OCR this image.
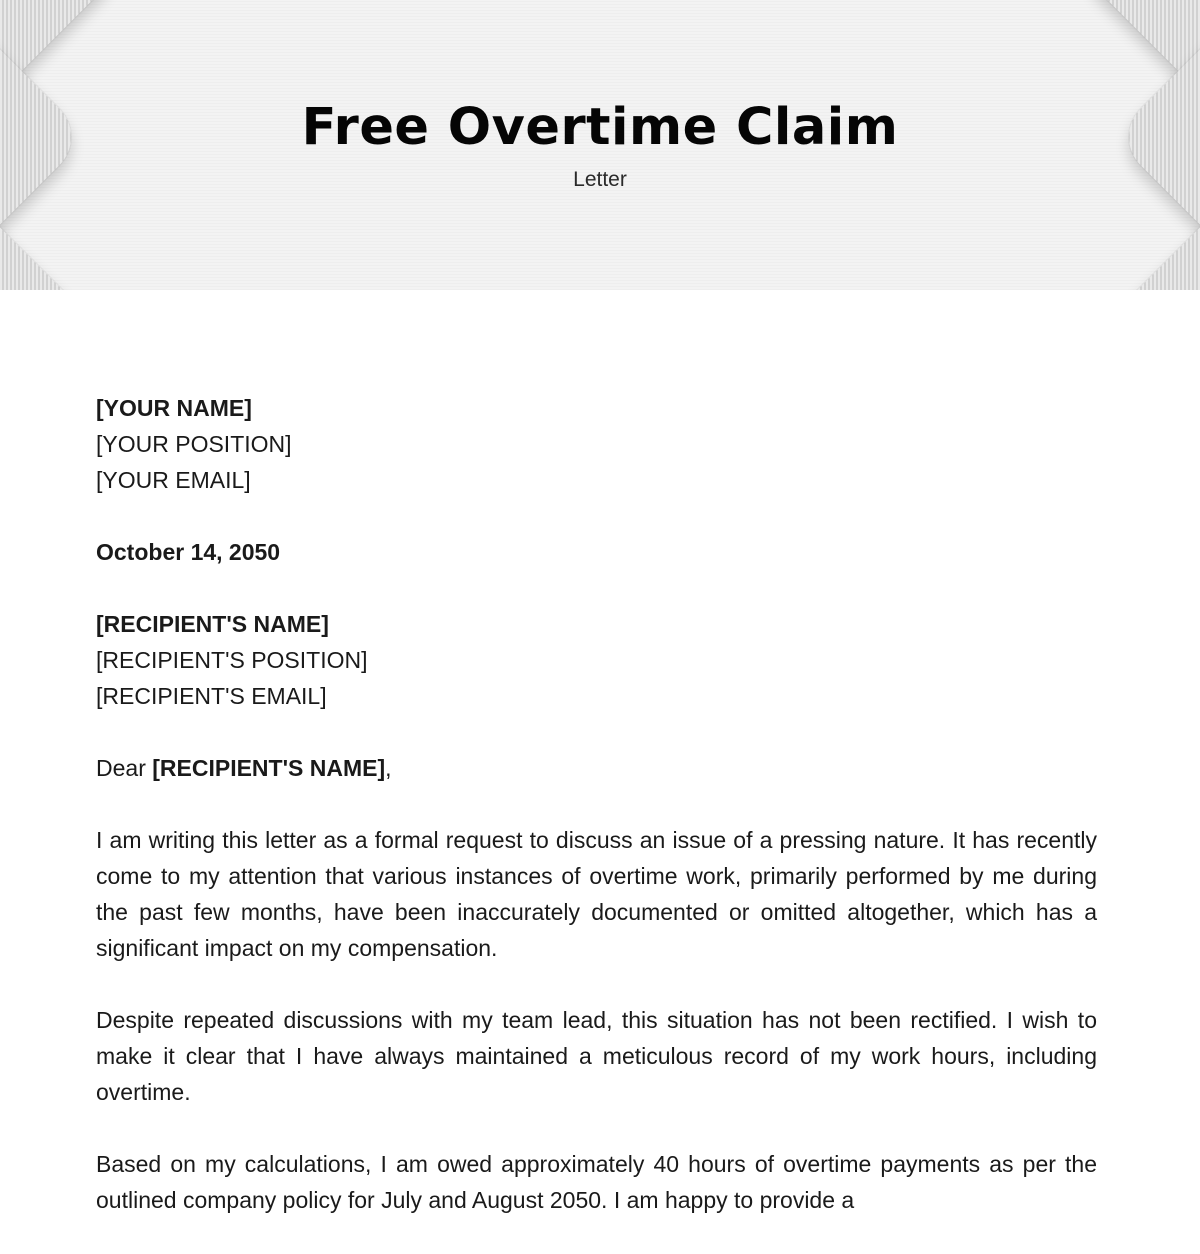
Free Overtime Claim
Letter
[YOUR NAME]
[YOUR POSITION]
[YOUR EMAIL]
October 14, 2050
[RECIPIENT'S NAME]
[RECIPIENT'S POSITION]
[RECIPIENT'S EMAIL]
Dear [RECIPIENT'S NAME],

I am writing this letter as a formal request to discuss an issue of a pressing nature. It has recently come to my attention that various instances of overtime work, primarily performed by me during the past few months, have been inaccurately documented or omitted altogether, which has a significant impact on my compensation.

Despite repeated discussions with my team lead, this situation has not been rectified. I wish to make it clear that I have always maintained a meticulous record of my work hours, including overtime.

Based on my calculations, I am owed approximately 40 hours of overtime payments as per the outlined company policy for July and August 2050. I am happy to provide a
